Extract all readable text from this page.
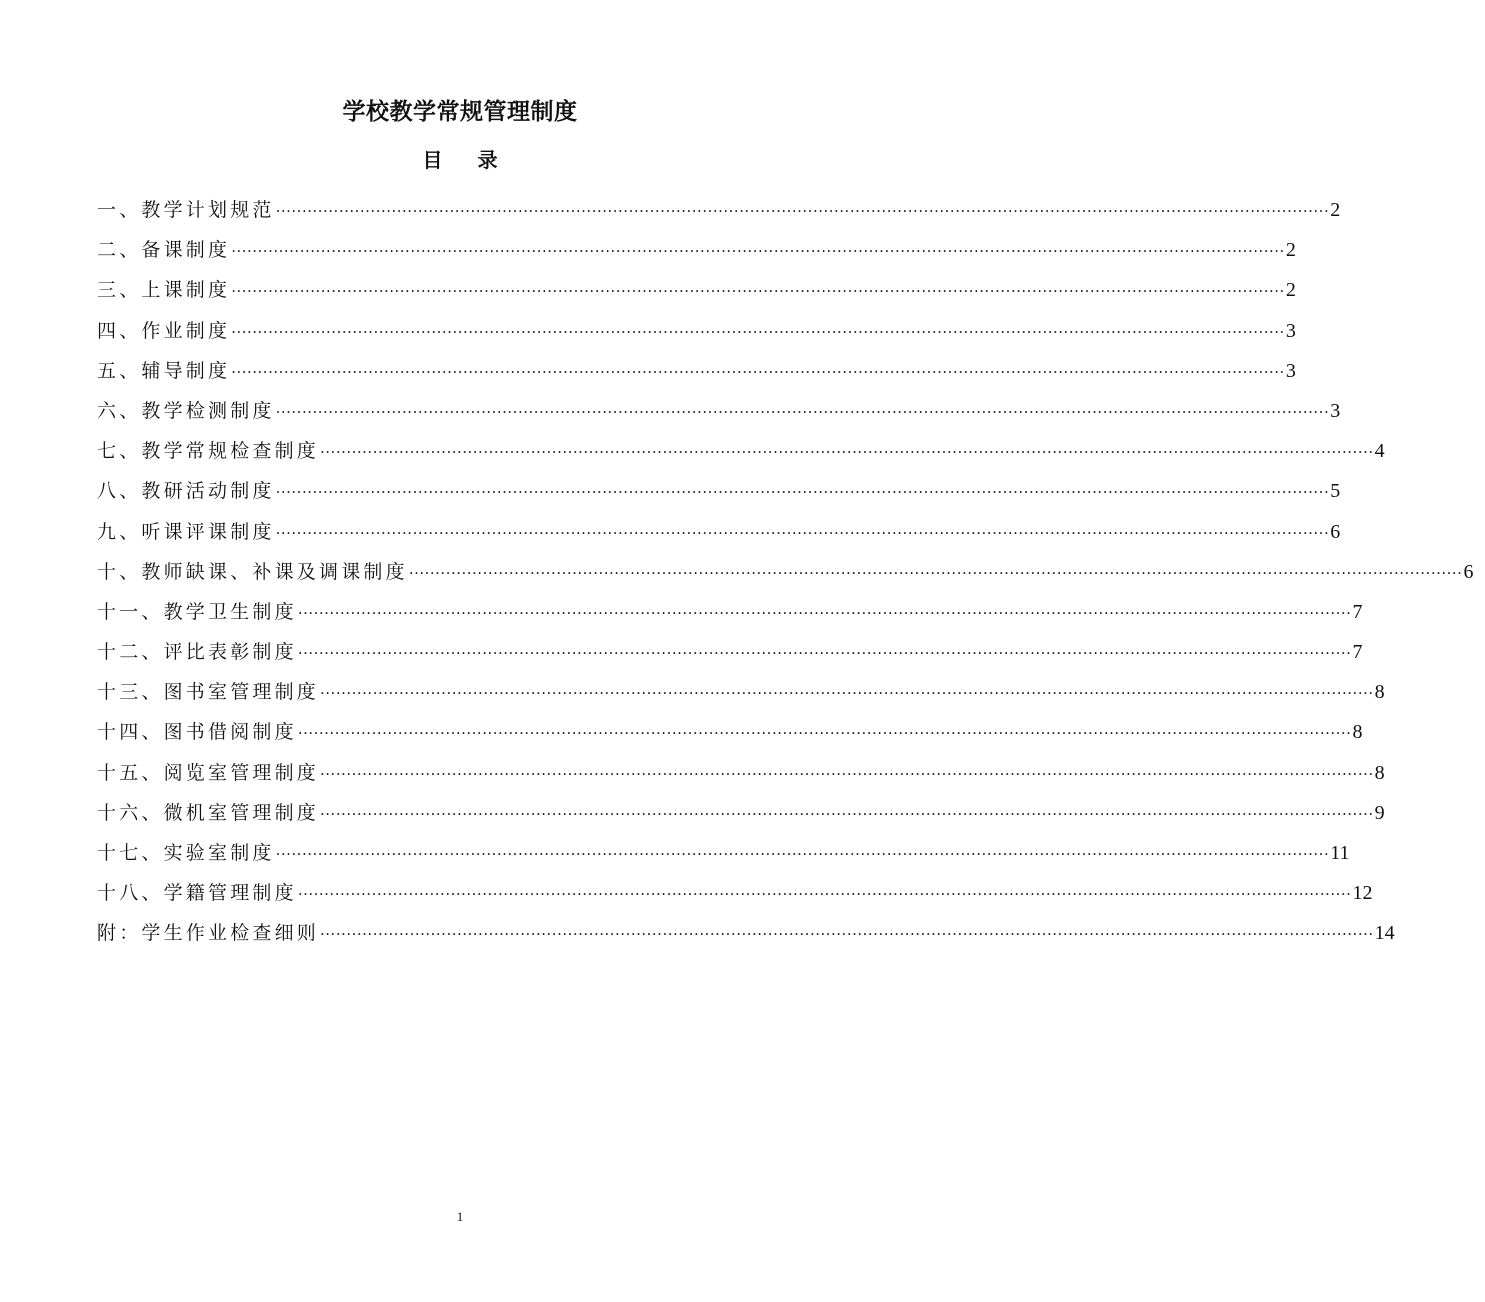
学校教学常规管理制度
目 录
一、教学计划规范 ········································································································································································································ 2
二、备课制度 ········································································································································································································ 2
三、上课制度 ········································································································································································································ 2
四、作业制度 ········································································································································································································ 3
五、辅导制度 ········································································································································································································ 3
六、教学检测制度 ········································································································································································································ 3
七、教学常规检查制度 ········································································································································································································ 4
八、教研活动制度 ········································································································································································································ 5
九、听课评课制度 ········································································································································································································ 6
十、教师缺课、补课及调课制度 ········································································································································································································ 6
十一、教学卫生制度 ········································································································································································································ 7
十二、评比表彰制度 ········································································································································································································ 7
十三、图书室管理制度 ········································································································································································································ 8
十四、图书借阅制度 ········································································································································································································ 8
十五、阅览室管理制度 ········································································································································································································ 8
十六、微机室管理制度 ········································································································································································································ 9
十七、实验室制度 ········································································································································································································ 11
十八、学籍管理制度 ········································································································································································································ 12
附：学生作业检查细则 ········································································································································································································ 14
1
